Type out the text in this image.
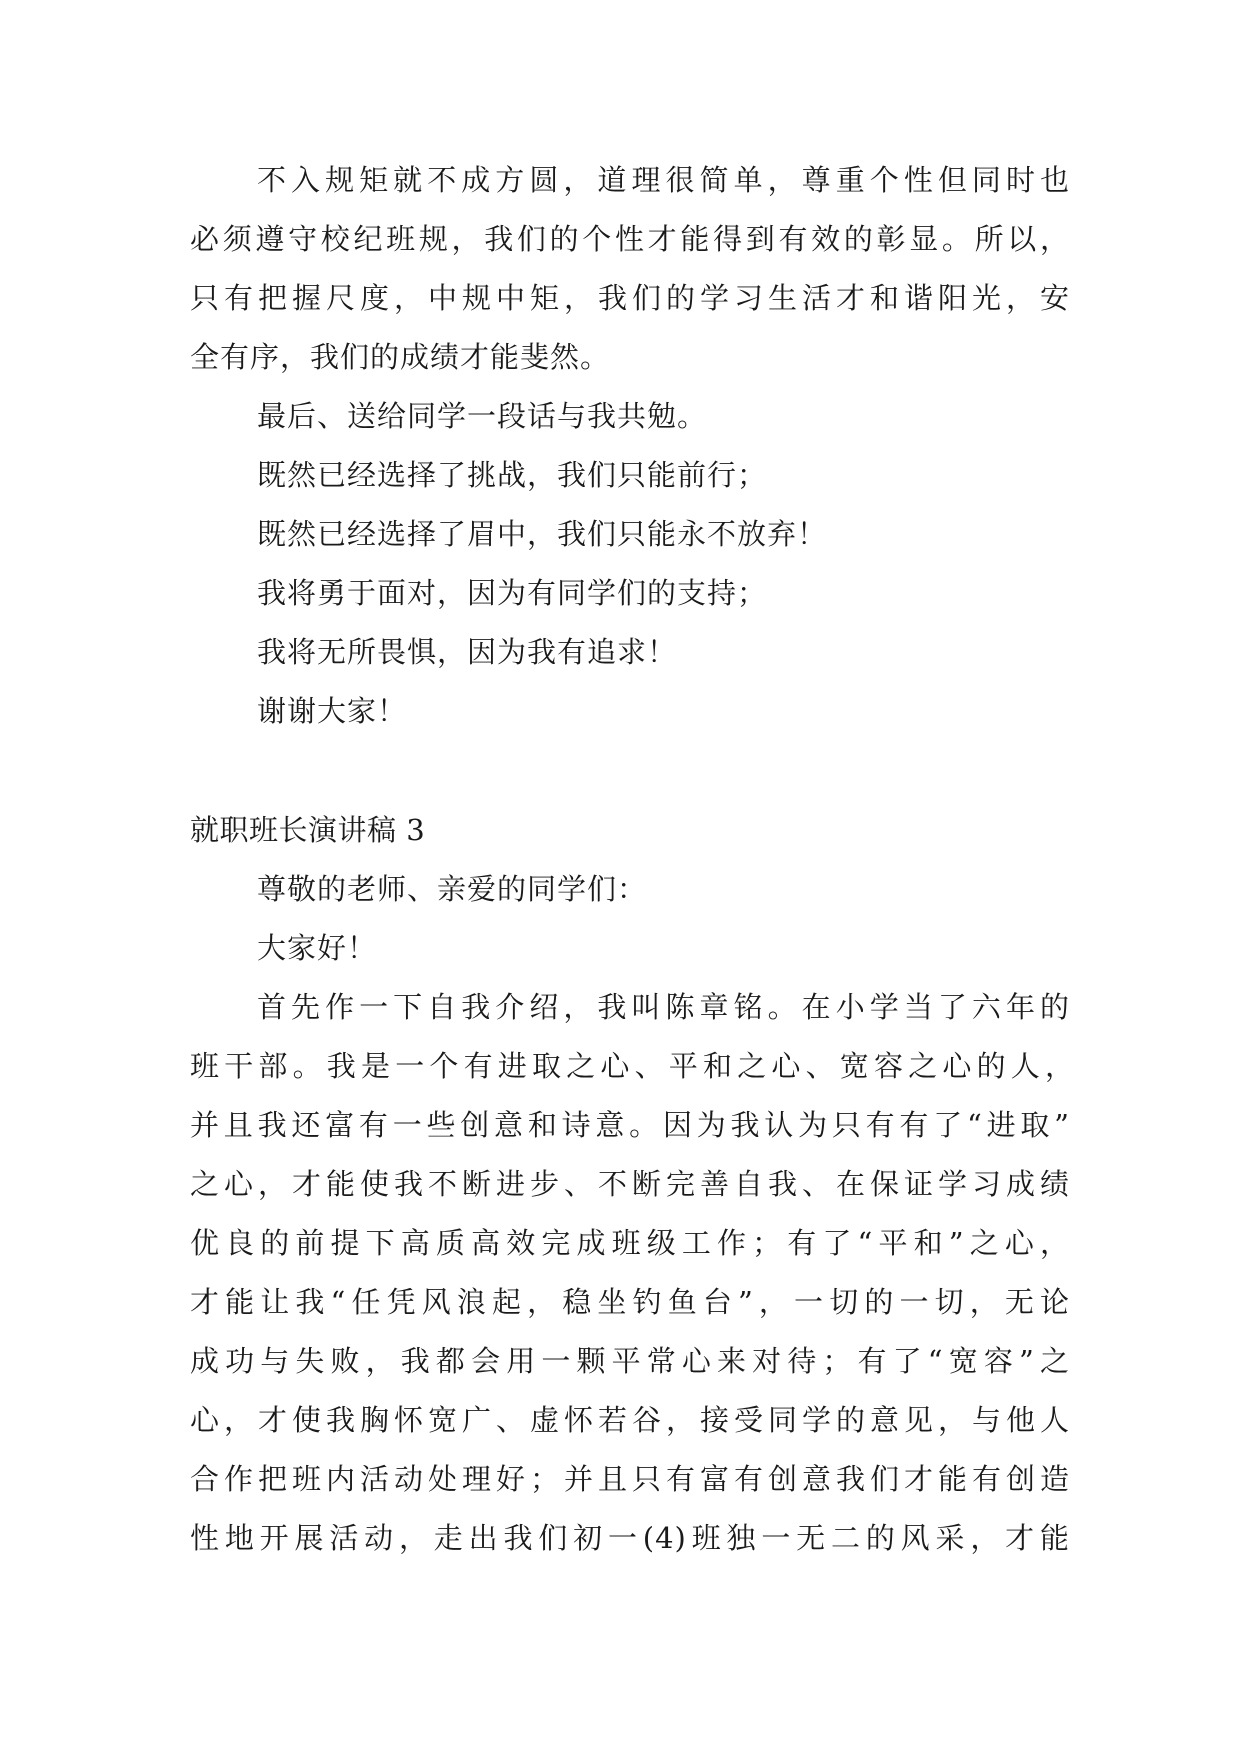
不入规矩就不成方圆，道理很简单，尊重个性但同时也
必须遵守校纪班规，我们的个性才能得到有效的彰显。所以，
只有把握尺度，中规中矩，我们的学习生活才和谐阳光，安
全有序，我们的成绩才能斐然。
最后、送给同学一段话与我共勉。
既然已经选择了挑战，我们只能前行；
既然已经选择了眉中，我们只能永不放弃！
我将勇于面对，因为有同学们的支持；
我将无所畏惧，因为我有追求！
谢谢大家！
就职班长演讲稿 3
尊敬的老师、亲爱的同学们：
大家好！
首先作一下自我介绍，我叫陈章铭。在小学当了六年的
班干部。我是一个有进取之心、平和之心、宽容之心的人，
并且我还富有一些创意和诗意。因为我认为只有有了“进取”
之心，才能使我不断进步、不断完善自我、在保证学习成绩
优良的前提下高质高效完成班级工作；有了“平和”之心，
才能让我“任凭风浪起，稳坐钓鱼台”，一切的一切，无论
成功与失败，我都会用一颗平常心来对待；有了“宽容”之
心，才使我胸怀宽广、虚怀若谷，接受同学的意见，与他人
合作把班内活动处理好；并且只有富有创意我们才能有创造
性地开展活动，走出我们初一(4)班独一无二的风采，才能
